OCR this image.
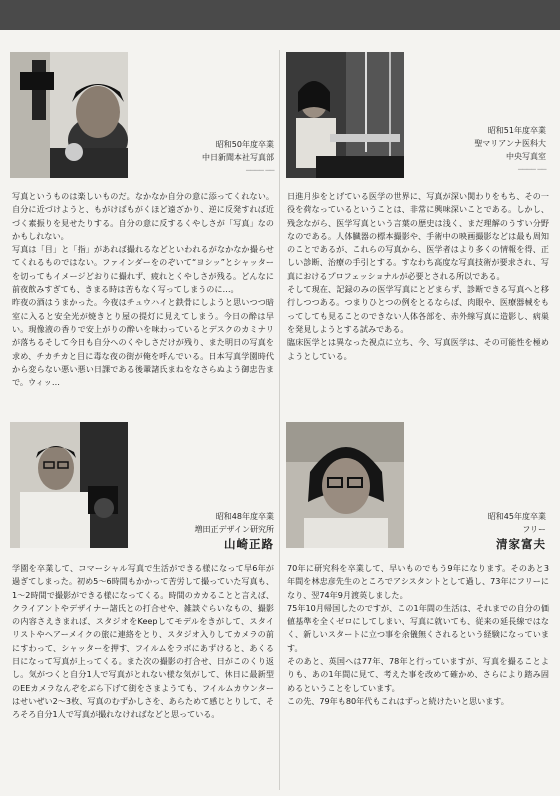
昭和50年度卒業
中日新聞本社写真部
──── ──

写真というものは楽しいものだ。なかなか自分の意に添ってくれない。自分に近づけようと、もがけばもがくほど遠ざかり、逆に反発すれば近づく素振りを見せたりする。自分の意に反するくやしさが「写真」なのかもしれない。

写真は「目」と「指」があれば撮れるなどといわれるがなかなか撮らせてくれるものではない。ファインダーをのぞいて“ヨシッ”とシャッターを切ってもイメージどおりに撮れず、疲れとくやしさが残る。どんなに前夜飲みすぎても、きまる時は苦もなく写ってしまうのに…。

昨夜の酒はうまかった。今夜はチュウハイと鉄骨にしようと思いつつ暗室に入ると安全光が焼きとり屋の提灯に見えてしまう。今日の酔は早い。現像液の香りで安上がりの酔いを味わっているとデスクのカミナリが落ちるそして今日も自分へのくやしさだけが残り、また明日の写真を求め、チカチカと目に毒な夜の街が俺を呼んでいる。日本写真学園時代から変らない悪い悪い日課である後輩諸氏まねをなさらぬよう御忠告まで。ウィッ…

昭和51年度卒業
聖マリアンナ医科大
中央写真室
──── ──

日進月歩をとげている医学の世界に、写真が深い関わりをもち、その一役を荷なっているということは、非常に興味深いことである。しかし、残念ながら、医学写真という言葉の歴史は浅く、まだ理解のうすい分野なのである。人体臓器の標本撮影や、手術中の映画撮影などは最も周知のことであるが、これらの写真から、医学者はより多くの情報を得、正しい診断、治療の手引とする。すなわち高度な写真技術が要求され、写真におけるプロフェッショナルが必要とされる所以である。

そして現在、記録のみの医学写真にとどまらず、診断できる写真へと移行しつつある。つまりひとつの例をとるならば、肉眼や、医療器械をもってしても見ることのできない人体各部を、赤外線写真に造影し、病巣を発見しようとする試みである。

臨床医学とは異なった視点に立ち、今、写真医学は、その可能性を極めようとしている。

昭和48年度卒業
増田正デザイン研究所
山崎正路

学園を卒業して、コマーシャル写真で生活ができる様になって早6年が過ぎてしまった。初め5〜6時間もかかって苦労して撮っていた写真も、1〜2時間で撮影ができる様になってくる。時間のカカることと言えば、クライアントやデザイナー諸氏との打合せや、雑談ぐらいなもの、撮影の内容さえきまれば、スタジオをKeepしてモデルをきがして、スタイリストやヘアーメイクの旅に連絡をとり、スタジオ入りしてカメラの前にすわって、シャッターを押す、フイルムをラボにあずけると、あくる日になって写真が上ってくる。また次の撮影の打合せ、日がこのくり返し。気がつくと自分1人で写真がとれない様な気がして、休日に最新型のEEカメラなんぞをぶら下げて街をさまようても、フイルムカウンターはせいぜい2〜3枚、写真のむずかしさを、あらためて感じとりして、そろそろ自分1人で写真が撮れなければなどと思っている。

昭和45年度卒業
フリー
清家富夫

70年に研究科を卒業して、早いものでもう9年になります。そのあと3年間を林忠彦先生のところでアシスタントとして過し、73年にフリーになり、翌74年9月渡英しました。

75年10月帰国したのですが、この1年間の生活は、それまでの自分の価値基準を全くゼロにしてしまい、写真に就いても、従来の延長線ではなく、新しいスタートに立つ事を余儀無くされるという経験になっています。

そのあと、英国へは77年、78年と行っていますが、写真を撮ることよりも、あの1年間に見て、考えた事を改めて確かめ、さらにより踏み固めるということをしています。

この先、79年も80年代もこれはずっと続けたいと思います。
